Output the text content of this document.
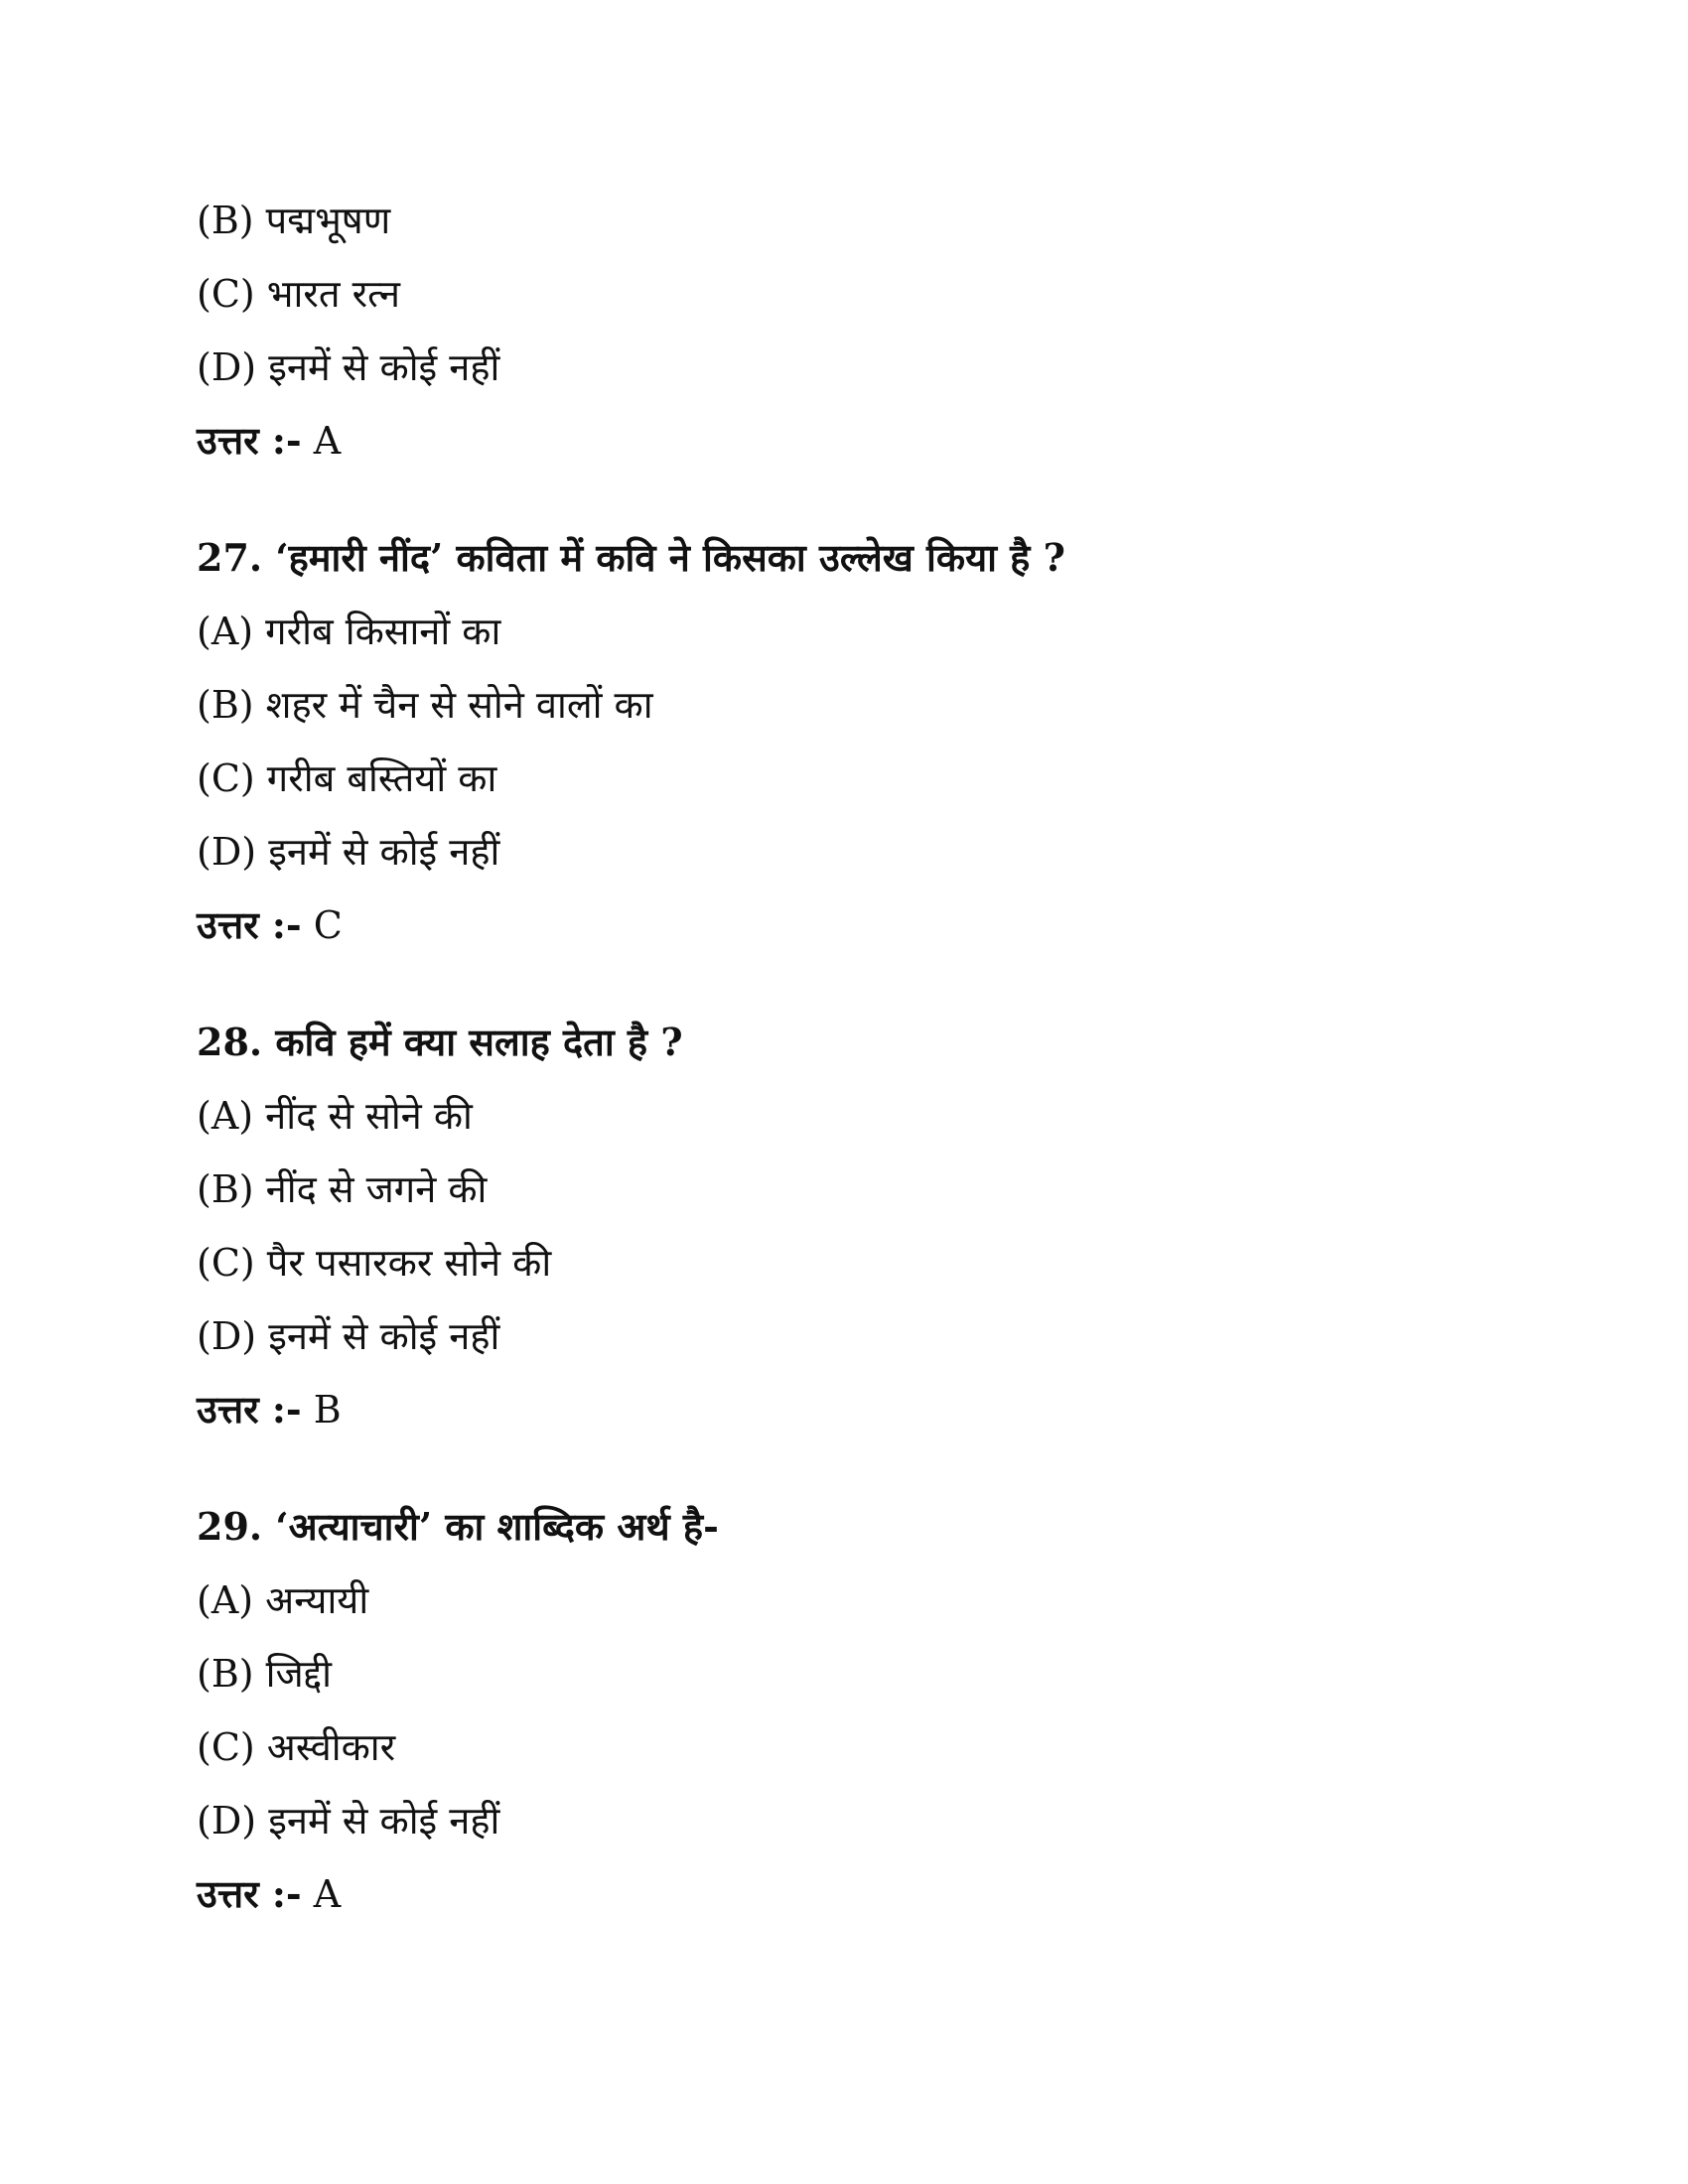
(B) पद्मभूषण
(C) भारत रत्न
(D) इनमें से कोई नहीं
उत्तर :- A
27. ‘हमारी नींद’ कविता में कवि ने किसका उल्लेख किया है ?
(A) गरीब किसानों का
(B) शहर में चैन से सोने वालों का
(C) गरीब बस्तियों का
(D) इनमें से कोई नहीं
उत्तर :- C
28. कवि हमें क्या सलाह देता है ?
(A) नींद से सोने की
(B) नींद से जगने की
(C) पैर पसारकर सोने की
(D) इनमें से कोई नहीं
उत्तर :- B
29. ‘अत्याचारी’ का शाब्दिक अर्थ है-
(A) अन्यायी
(B) जिद्दी
(C) अस्वीकार
(D) इनमें से कोई नहीं
उत्तर :- A
